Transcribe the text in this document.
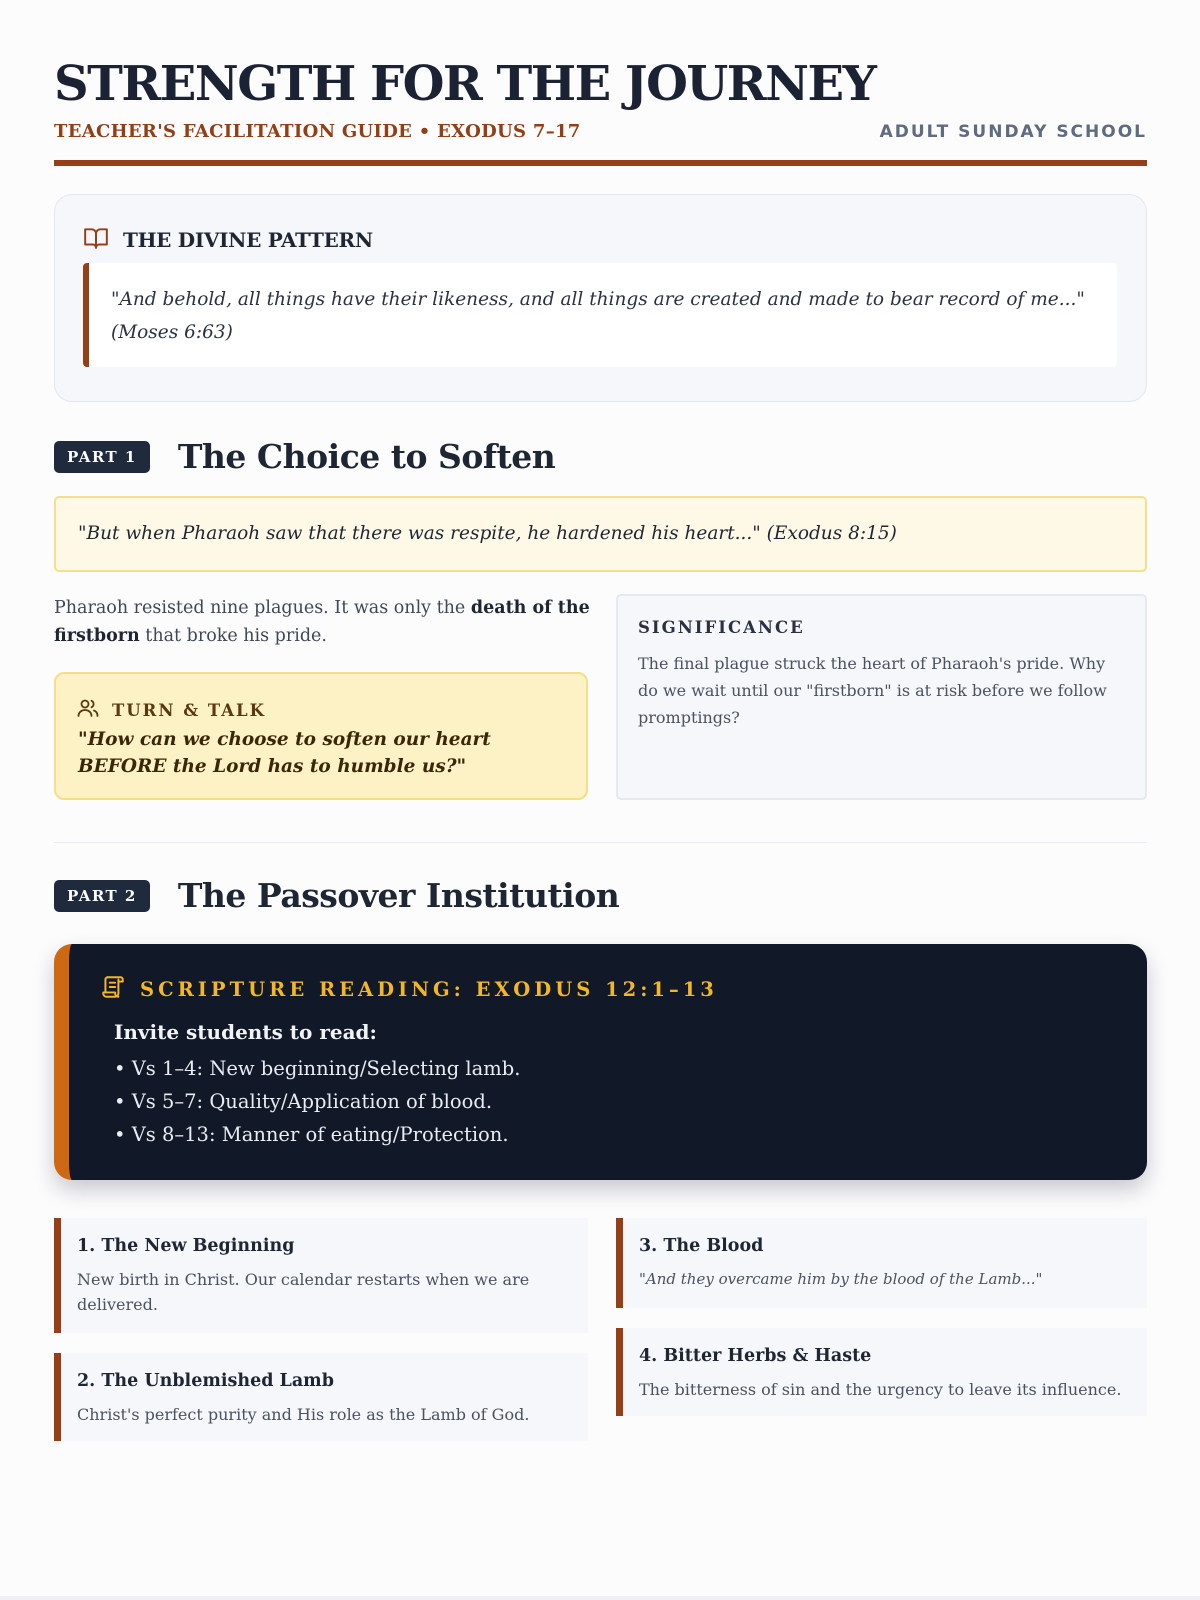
STRENGTH FOR THE JOURNEY
TEACHER'S FACILITATION GUIDE • EXODUS 7–17	ADULT SUNDAY SCHOOL
THE DIVINE PATTERN
"And behold, all things have their likeness, and all things are created and made to bear record of me..." (Moses 6:63)
PART 1	The Choice to Soften
"But when Pharaoh saw that there was respite, he hardened his heart..." (Exodus 8:15)
Pharaoh resisted nine plagues. It was only the death of the firstborn that broke his pride.
TURN & TALK
"How can we choose to soften our heart BEFORE the Lord has to humble us?"
SIGNIFICANCE
The final plague struck the heart of Pharaoh's pride. Why do we wait until our "firstborn" is at risk before we follow promptings?
PART 2	The Passover Institution
SCRIPTURE READING: EXODUS 12:1–13
Invite students to read:
• Vs 1–4: New beginning/Selecting lamb.
• Vs 5–7: Quality/Application of blood.
• Vs 8–13: Manner of eating/Protection.
1. The New Beginning
New birth in Christ. Our calendar restarts when we are delivered.
2. The Unblemished Lamb
Christ's perfect purity and His role as the Lamb of God.
3. The Blood
"And they overcame him by the blood of the Lamb..."
4. Bitter Herbs & Haste
The bitterness of sin and the urgency to leave its influence.
